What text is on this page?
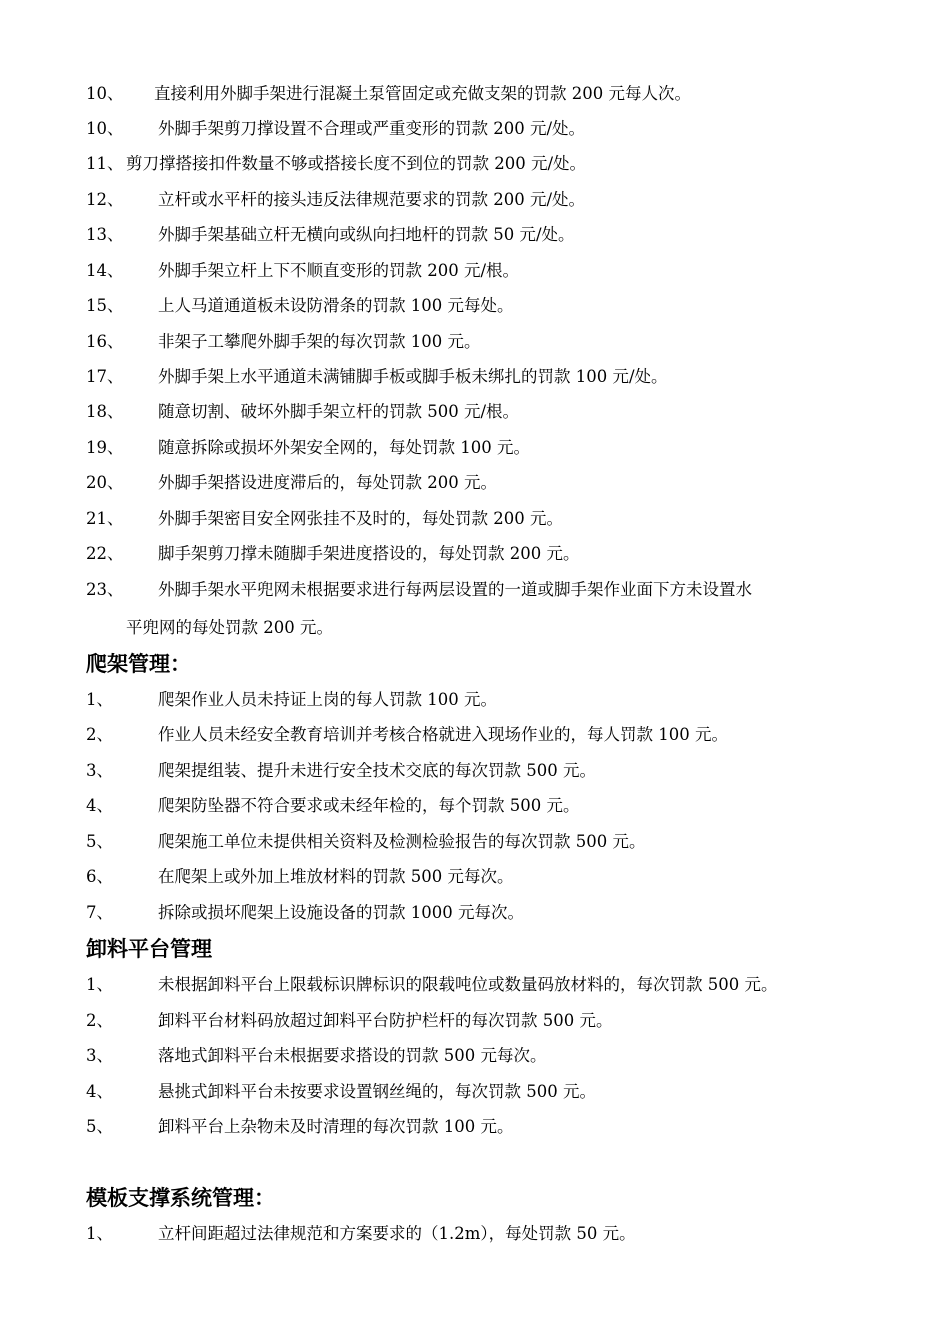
10、 直接利用外脚手架进行混凝土泵管固定或充做支架的罚款 200 元每人次。
10、 外脚手架剪刀撑设置不合理或严重变形的罚款 200 元/处。
11、 剪刀撑搭接扣件数量不够或搭接长度不到位的罚款 200 元/处。
12、 立杆或水平杆的接头违反法律规范要求的罚款 200 元/处。
13、 外脚手架基础立杆无横向或纵向扫地杆的罚款 50 元/处。
14、 外脚手架立杆上下不顺直变形的罚款 200 元/根。
15、 上人马道通道板未设防滑条的罚款 100 元每处。
16、 非架子工攀爬外脚手架的每次罚款 100 元。
17、 外脚手架上水平通道未满铺脚手板或脚手板未绑扎的罚款 100 元/处。
18、 随意切割、破坏外脚手架立杆的罚款 500 元/根。
19、 随意拆除或损坏外架安全网的，每处罚款 100 元。
20、 外脚手架搭设进度滞后的，每处罚款 200 元。
21、 外脚手架密目安全网张挂不及时的，每处罚款 200 元。
22、 脚手架剪刀撑未随脚手架进度搭设的，每处罚款 200 元。
23、 外脚手架水平兜网未根据要求进行每两层设置的一道或脚手架作业面下方未设置水
平兜网的每处罚款 200 元。
爬架管理：
1、	爬架作业人员未持证上岗的每人罚款 100 元。
2、	作业人员未经安全教育培训并考核合格就进入现场作业的，每人罚款 100 元。
3、	爬架提组装、提升未进行安全技术交底的每次罚款 500 元。
4、	爬架防坠器不符合要求或未经年检的，每个罚款 500 元。
5、	爬架施工单位未提供相关资料及检测检验报告的每次罚款 500 元。
6、	在爬架上或外加上堆放材料的罚款 500 元每次。
7、	拆除或损坏爬架上设施设备的罚款 1000 元每次。
卸料平台管理
1、	未根据卸料平台上限载标识牌标识的限载吨位或数量码放材料的，每次罚款 500 元。
2、	卸料平台材料码放超过卸料平台防护栏杆的每次罚款 500 元。
3、	落地式卸料平台未根据要求搭设的罚款 500 元每次。
4、	悬挑式卸料平台未按要求设置钢丝绳的，每次罚款 500 元。
5、	卸料平台上杂物未及时清理的每次罚款 100 元。
模板支撑系统管理：
1、	立杆间距超过法律规范和方案要求的（1.2m），每处罚款 50 元。
